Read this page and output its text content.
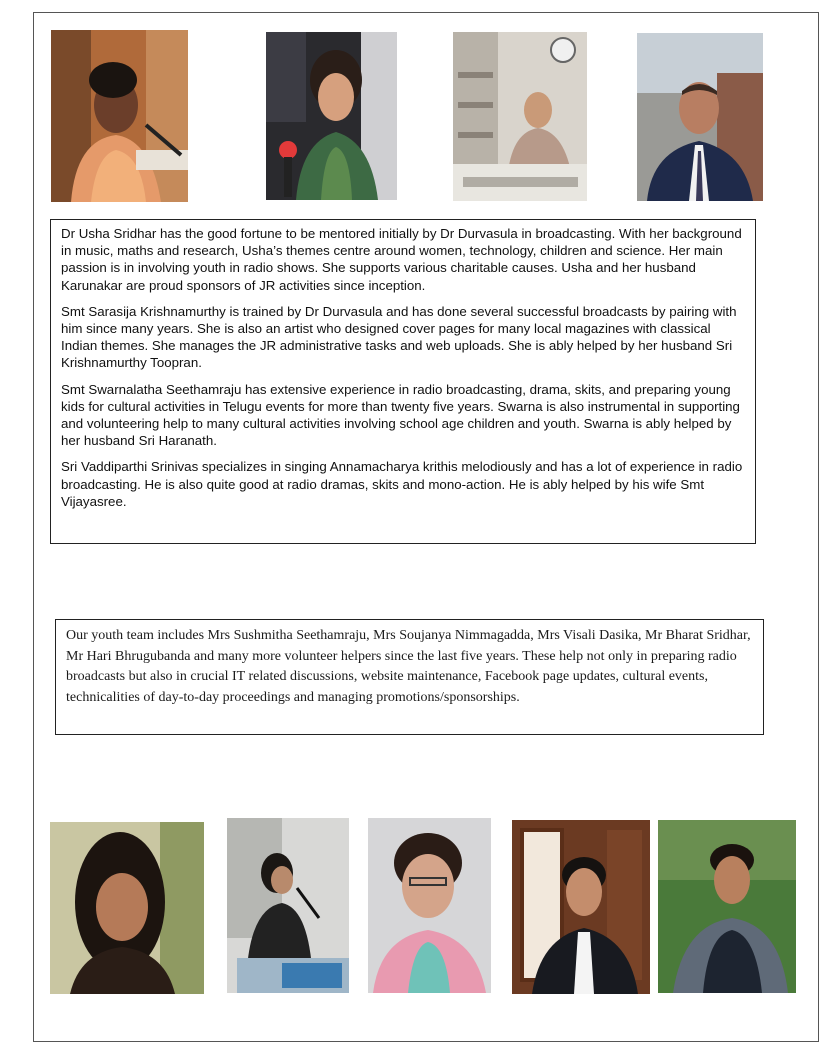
Dr Usha Sridhar has the good fortune to be mentored initially by Dr Durvasula in broadcasting. With her background in music, maths and research, Usha’s themes centre around women, technology, children and science. Her main passion is in involving youth in radio shows. She supports various charitable causes. Usha and her husband Karunakar are proud sponsors of JR activities since inception.

Smt Sarasija Krishnamurthy is trained by Dr Durvasula and has done several successful broadcasts by pairing with him since many years. She is also an artist who designed cover pages for many local magazines with classical Indian themes. She manages the JR administrative tasks and web uploads. She is ably helped by her husband Sri Krishnamurthy Toopran.

Smt Swarnalatha Seethamraju has extensive experience in radio broadcasting, drama, skits, and preparing young kids for cultural activities in Telugu events for more than twenty five years. Swarna is also instrumental in supporting and volunteering help to many cultural activities involving school age children and youth. Swarna is ably helped by her husband Sri Haranath.

Sri Vaddiparthi Srinivas specializes in singing Annamacharya krithis melodiously and has a lot of experience in radio broadcasting. He is also quite good at radio dramas, skits and mono-action. He is ably helped by his wife Smt Vijayasree.

Our youth team includes Mrs Sushmitha Seethamraju, Mrs Soujanya Nimmagadda, Mrs Visali Dasika, Mr Bharat Sridhar, Mr Hari Bhrugubanda and many more volunteer helpers since the last five years. These help not only in preparing radio broadcasts but also in crucial IT related discussions, website maintenance, Facebook page updates, cultural events, technicalities of day-to-day proceedings and managing promotions/sponsorships.
